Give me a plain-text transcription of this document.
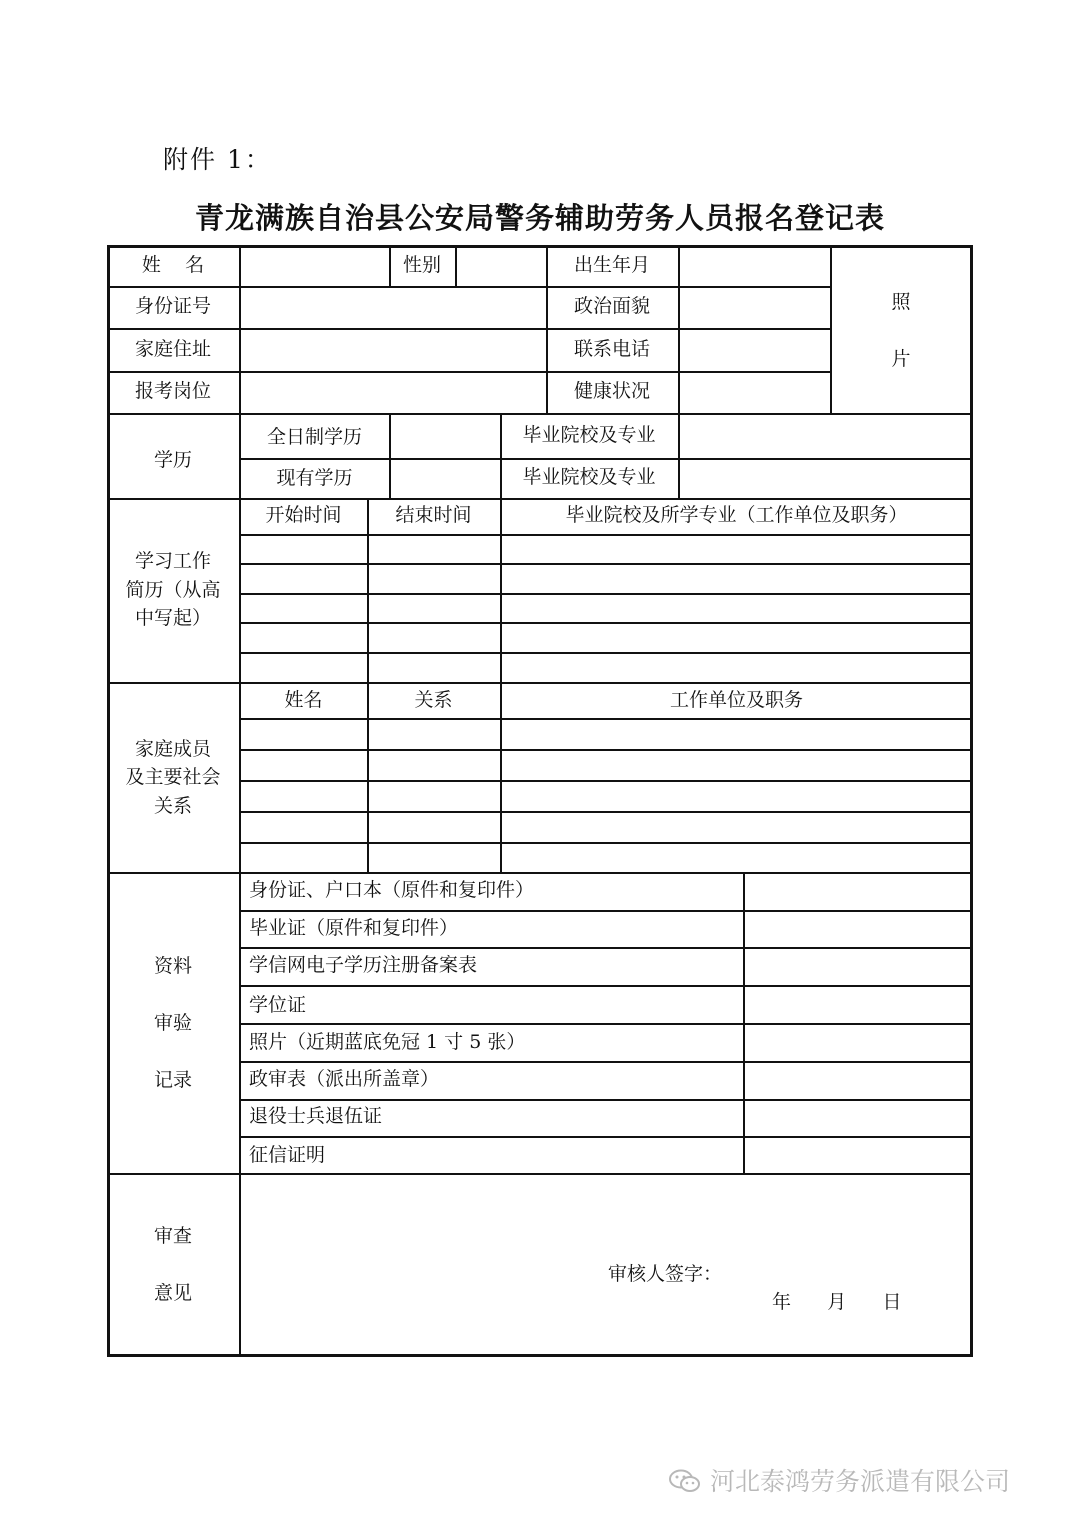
附件 1：
青龙满族自治县公安局警务辅助劳务人员报名登记表
姓    名	性别	出生年月
照
片
身份证号	政治面貌
家庭住址	联系电话
报考岗位	健康状况
学历
全日制学历	毕业院校及专业
现有学历	毕业院校及专业
学习工作
简历（从高
中写起）
开始时间	结束时间	毕业院校及所学专业（工作单位及职务）
家庭成员
及主要社会
关系
姓名	关系	工作单位及职务
资料
审验
记录
身份证、户口本（原件和复印件）
毕业证（原件和复印件）
学信网电子学历注册备案表
学位证
照片（近期蓝底免冠 1 寸 5 张）
政审表（派出所盖章）
退役士兵退伍证
征信证明
审查
意见
审核人签字：
年      月      日
河北泰鸿劳务派遣有限公司
